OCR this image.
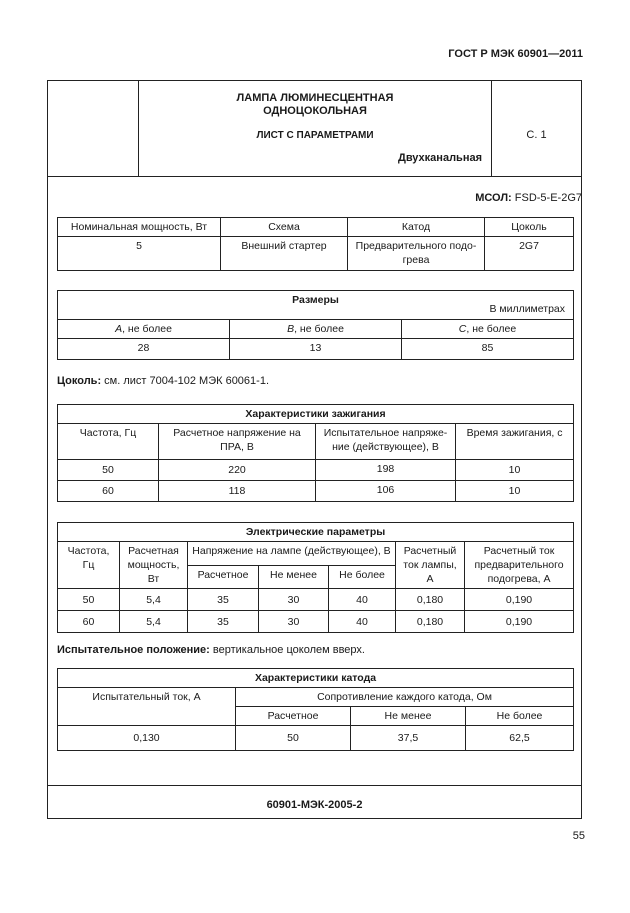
ГОСТ Р МЭК 60901—2011
ЛАМПА ЛЮМИНЕСЦЕНТНАЯ
ОДНОЦОКОЛЬНАЯ
ЛИСТ С ПАРАМЕТРАМИ
Двухканальная
С. 1
МСОЛ: FSD-5-E-2G7
Номинальная мощность, Вт	Схема	Катод	Цоколь
5	Внешний стартер	Предварительного подо-грева	2G7
Размеры
В миллиметрах		

A, не более	B, не более	C, не более
28	13	85
Цоколь: см. лист 7004-102 МЭК 60061-1.
Характеристики зажигания			
Частота, Гц	Расчетное напряжение на ПРА, В	Испытательное напряже-ние (действующее), В	Время зажигания, с
50	220	198	10
60	118	106	10
Электрические параметры						
Частота, Гц	Расчетная мощность, Вт	Напряжение на лампе (действующее), В			Расчетный ток лампы, А	Расчетный ток предварительного подогрева, А
		Расчетное	Не менее	Не более		
50	5,4	35	30	40	0,180	0,190
60	5,4	35	30	40	0,180	0,190
Испытательное положение: вертикальное цоколем вверх.
Характеристики катода			
Испытательный ток, А	Сопротивление каждого катода, Ом		
	Расчетное	Не менее	Не более
0,130	50	37,5	62,5
60901-МЭК-2005-2
55
